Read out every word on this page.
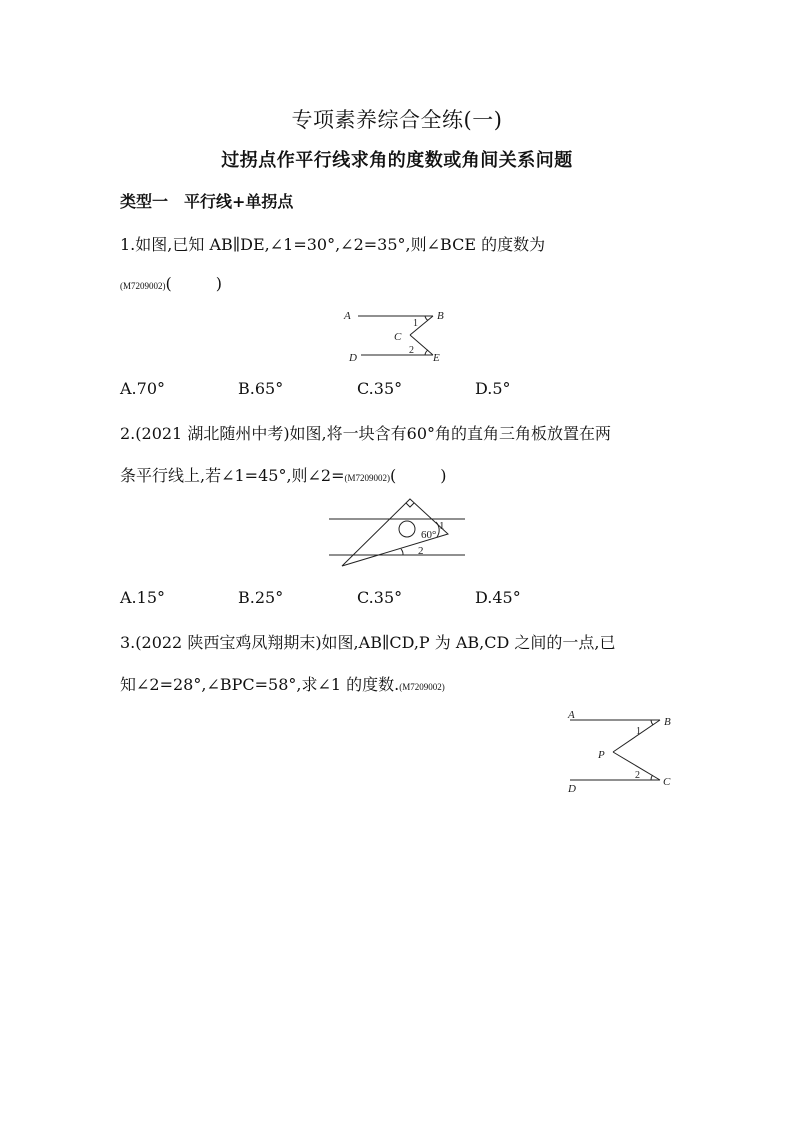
专项素养综合全练(一)
过拐点作平行线求角的度数或角间关系问题
类型一　平行线+单拐点
1.如图,已知 AB∥DE,∠1=30°,∠2=35°,则∠BCE 的度数为
(M7209002)(	)
A	B
C
D	E
1
2
A.70°	B.65°	C.35°	D.5°
2.(2021 湖北随州中考)如图,将一块含有60°角的直角三角板放置在两
条平行线上,若∠1=45°,则∠2=(M7209002)(	)
60°
1
2
A.15°	B.25°	C.35°	D.45°
3.(2022 陕西宝鸡凤翔期末)如图,AB∥CD,P 为 AB,CD 之间的一点,已
知∠2=28°,∠BPC=58°,求∠1 的度数.(M7209002)
A
B
P
C
D
1
2
